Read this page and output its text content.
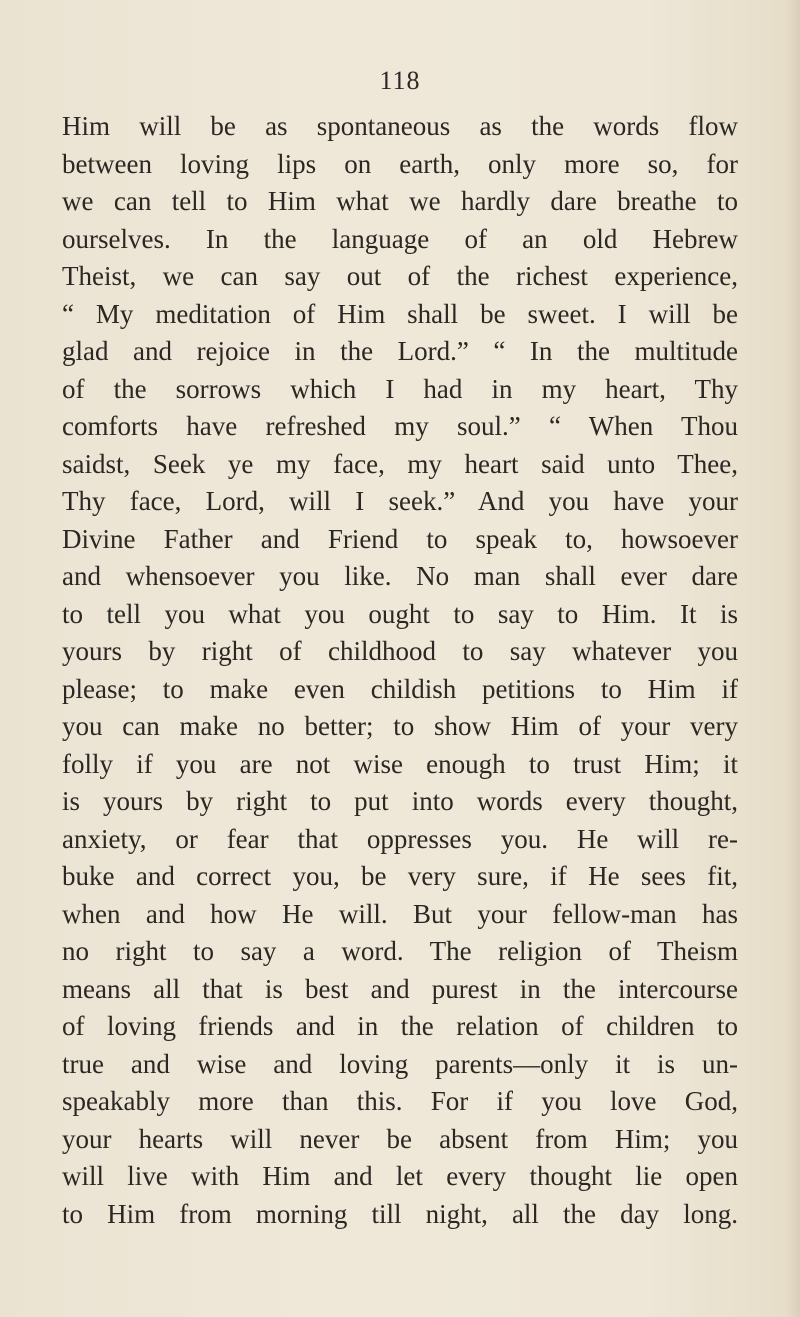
118
Him will be as spontaneous as the words flow
between loving lips on earth, only more so, for
we can tell to Him what we hardly dare breathe to
ourselves. In the language of an old Hebrew
Theist, we can say out of the richest experience,
“ My meditation of Him shall be sweet. I will be
glad and rejoice in the Lord.” “ In the multitude
of the sorrows which I had in my heart, Thy
comforts have refreshed my soul.” “ When Thou
saidst, Seek ye my face, my heart said unto Thee,
Thy face, Lord, will I seek.” And you have your
Divine Father and Friend to speak to, howsoever
and whensoever you like. No man shall ever dare
to tell you what you ought to say to Him. It is
yours by right of childhood to say whatever you
please; to make even childish petitions to Him if
you can make no better; to show Him of your very
folly if you are not wise enough to trust Him; it
is yours by right to put into words every thought,
anxiety, or fear that oppresses you. He will re-
buke and correct you, be very sure, if He sees fit,
when and how He will. But your fellow-man has
no right to say a word. The religion of Theism
means all that is best and purest in the intercourse
of loving friends and in the relation of children to
true and wise and loving parents—only it is un-
speakably more than this. For if you love God,
your hearts will never be absent from Him; you
will live with Him and let every thought lie open
to Him from morning till night, all the day long.
